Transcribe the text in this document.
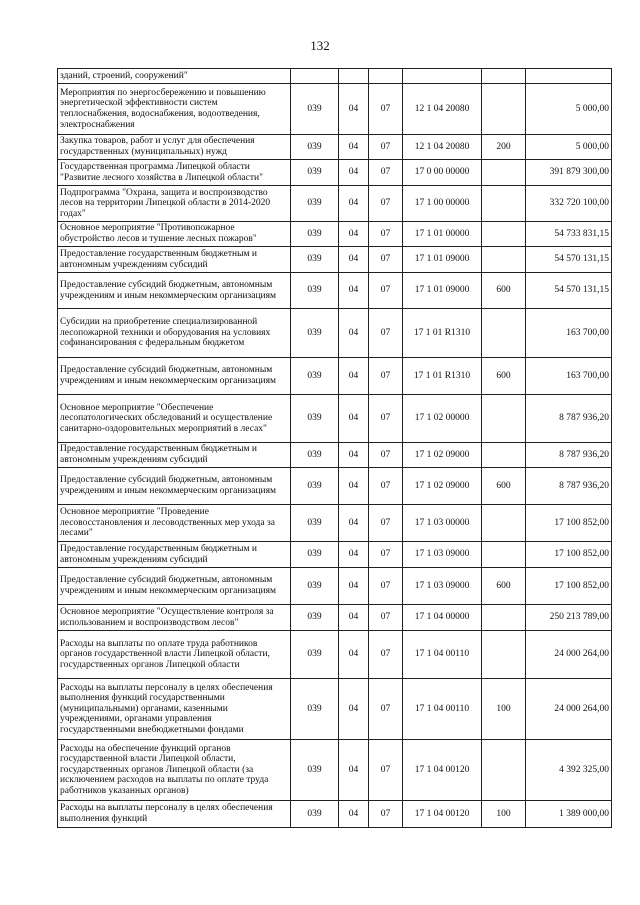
132
зданий, строений, сооружений"						
Мероприятия по энергосбережению и повышению энергетической эффективности систем теплоснабжения, водоснабжения, водоотведения, электроснабжения	039	04	07	12 1 04 20080		5 000,00
Закупка товаров, работ и услуг для обеспечения государственных (муниципальных) нужд	039	04	07	12 1 04 20080	200	5 000,00
Государственная программа Липецкой области "Развитие лесного хозяйства в Липецкой области"	039	04	07	17 0 00 00000		391 879 300,00
Подпрограмма "Охрана, защита и воспроизводство лесов на территории Липецкой области в 2014-2020 годах"	039	04	07	17 1 00 00000		332 720 100,00
Основное мероприятие "Противопожарное обустройство лесов и тушение лесных пожаров"	039	04	07	17 1 01 00000		54 733 831,15
Предоставление государственным бюджетным и автономным учреждениям субсидий	039	04	07	17 1 01 09000		54 570 131,15
Предоставление субсидий бюджетным, автономным учреждениям и иным некоммерческим организациям	039	04	07	17 1 01 09000	600	54 570 131,15
Субсидии на приобретение специализированной лесопожарной техники и оборудования на условиях софинансирования с федеральным бюджетом	039	04	07	17 1 01 R1310		163 700,00
Предоставление субсидий бюджетным, автономным учреждениям и иным некоммерческим организациям	039	04	07	17 1 01 R1310	600	163 700,00
Основное мероприятие "Обеспечение лесопатологических обследований и осуществление санитарно-оздоровительных мероприятий в лесах"	039	04	07	17 1 02 00000		8 787 936,20
Предоставление государственным бюджетным и автономным учреждениям субсидий	039	04	07	17 1 02 09000		8 787 936,20
Предоставление субсидий бюджетным, автономным учреждениям и иным некоммерческим организациям	039	04	07	17 1 02 09000	600	8 787 936,20
Основное мероприятие "Проведение лесовосстановления и лесоводственных мер ухода за лесами"	039	04	07	17 1 03 00000		17 100 852,00
Предоставление государственным бюджетным и автономным учреждениям субсидий	039	04	07	17 1 03 09000		17 100 852,00
Предоставление субсидий бюджетным, автономным учреждениям и иным некоммерческим организациям	039	04	07	17 1 03 09000	600	17 100 852,00
Основное мероприятие "Осуществление контроля за использованием и воспроизводством лесов"	039	04	07	17 1 04 00000		250 213 789,00
Расходы на выплаты по оплате труда работников органов государственной власти Липецкой области, государственных органов Липецкой области	039	04	07	17 1 04 00110		24 000 264,00
Расходы на выплаты персоналу в целях обеспечения выполнения функций государственными (муниципальными) органами, казенными учреждениями, органами управления государственными внебюджетными фондами	039	04	07	17 1 04 00110	100	24 000 264,00
Расходы на обеспечение функций органов государственной власти Липецкой области, государственных органов Липецкой области (за исключением расходов на выплаты по оплате труда работников указанных органов)	039	04	07	17 1 04 00120		4 392 325,00
Расходы на выплаты персоналу в целях обеспечения выполнения функций	039	04	07	17 1 04 00120	100	1 389 000,00
